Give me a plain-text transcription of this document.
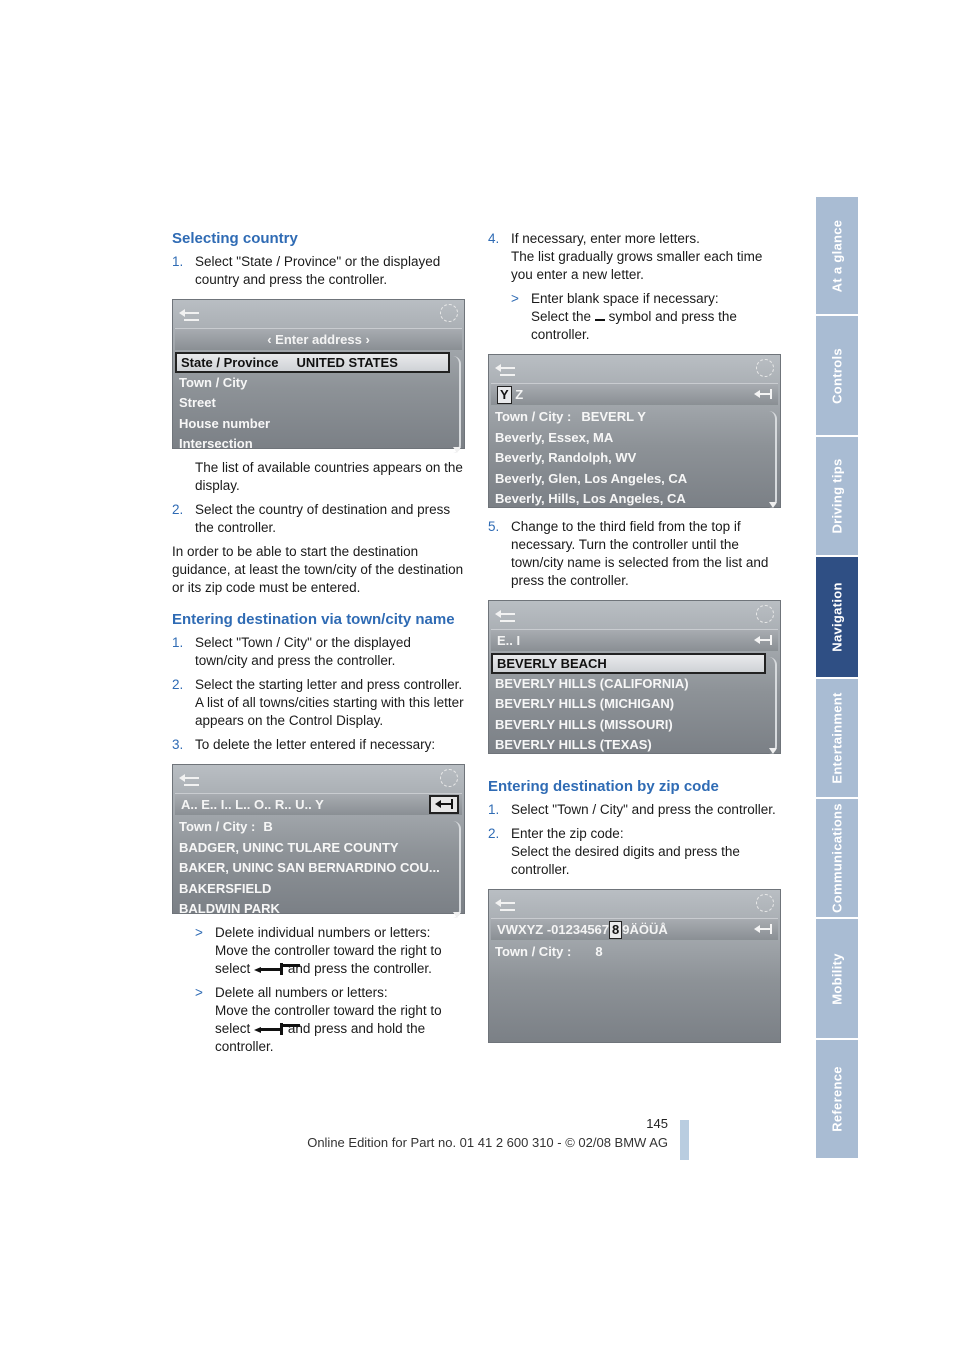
At a glance
Controls
Driving tips
Navigation
Entertainment
Communications
Mobility
Reference
Selecting country
1. Select "State / Province" or the displayed country and press the controller.
‹ Enter address ›
State / Province UNITED STATES
Town / City
Street
House number
Intersection
The list of available countries appears on the display.
2. Select the country of destination and press the controller.
In order to be able to start the destination guidance, at least the town/city of the destination or its zip code must be entered.
Entering destination via town/city name
1. Select "Town / City" or the displayed town/city and press the controller.
2. Select the starting letter and press controller.
A list of all towns/cities starting with this letter appears on the Control Display.
3. To delete the letter entered if necessary:
A.. E.. I.. L.. O.. R.. U.. Y
Town / City : B
BADGER, UNINC TULARE COUNTY
BAKER, UNINC SAN BERNARDINO COU...
BAKERSFIELD
BALDWIN PARK
> Delete individual numbers or letters:
Move the controller toward the right to select	and press the controller.
> Delete all numbers or letters:
Move the controller toward the right to select	and press and hold the controller.
4. If necessary, enter more letters.
The list gradually grows smaller each time you enter a new letter.
> Enter blank space if necessary:
Select the symbol and press the controller.
Y Z
Town / City : BEVERL Y
Beverly, Essex, MA
Beverly, Randolph, WV
Beverly, Glen, Los Angeles, CA
Beverly, Hills, Los Angeles, CA
5. Change to the third field from the top if necessary. Turn the controller until the town/city name is selected from the list and press the controller.
E.. I
BEVERLY BEACH
BEVERLY HILLS (CALIFORNIA)
BEVERLY HILLS (MICHIGAN)
BEVERLY HILLS (MISSOURI)
BEVERLY HILLS (TEXAS)
Entering destination by zip code
1. Select "Town / City" and press the controller.
2. Enter the zip code:
Select the desired digits and press the controller.
VWXYZ -01234567 8 9ÄÖÜÅ
Town / City : 8
145
Online Edition for Part no. 01 41 2 600 310 - © 02/08 BMW AG
